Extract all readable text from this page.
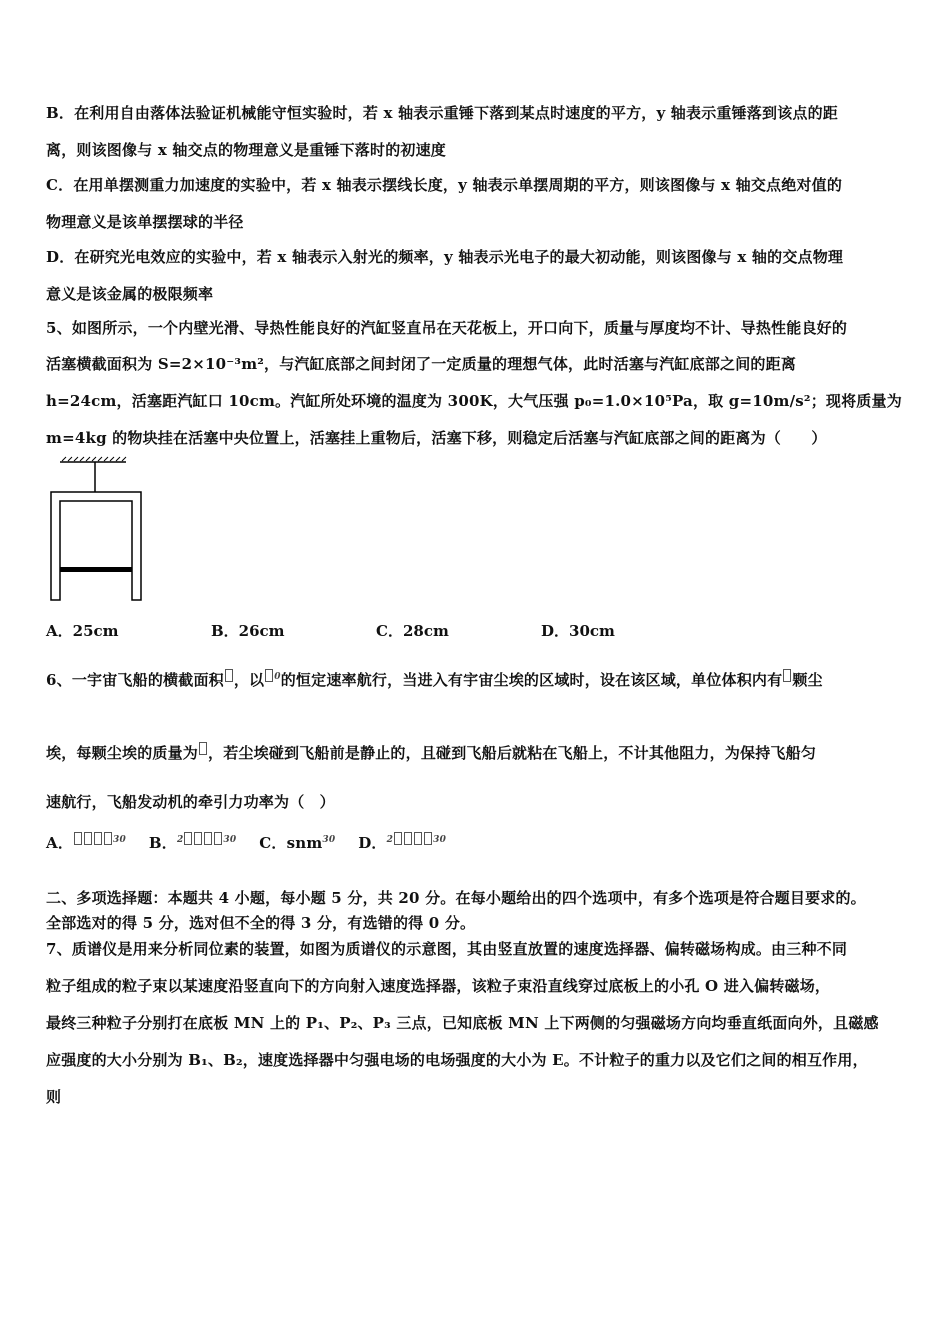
B．在利用自由落体法验证机械能守恒实验时，若 x 轴表示重锤下落到某点时速度的平方，y 轴表示重锤落到该点的距
离，则该图像与 x 轴交点的物理意义是重锤下落时的初速度
C．在用单摆测重力加速度的实验中，若 x 轴表示摆线长度，y 轴表示单摆周期的平方，则该图像与 x 轴交点绝对值的
物理意义是该单摆摆球的半径
D．在研究光电效应的实验中，若 x 轴表示入射光的频率，y 轴表示光电子的最大初动能，则该图像与 x 轴的交点物理
意义是该金属的极限频率
5、如图所示，一个内壁光滑、导热性能良好的汽缸竖直吊在天花板上，开口向下，质量与厚度均不计、导热性能良好的
活塞横截面积为 S=2×10⁻³m²，与汽缸底部之间封闭了一定质量的理想气体，此时活塞与汽缸底部之间的距离
h=24cm，活塞距汽缸口 10cm。汽缸所处环境的温度为 300K，大气压强 p₀=1.0×10⁵Pa，取 g=10m/s²；现将质量为
m=4kg 的物块挂在活塞中央位置上，活塞挂上重物后，活塞下移，则稳定后活塞与汽缸底部之间的距离为（　　）
A．25cm	B．26cm	C．28cm	D．30cm
6、一宇宙飞船的横截面积 ，以 $^0$的恒定速率航行，当进入有宇宙尘埃的区域时，设在该区域，单位体积内有 颗尘
埃，每颗尘埃的质量为 ，若尘埃碰到飞船前是静止的，且碰到飞船后就粘在飞船上，不计其他阻力，为保持飞船匀
速航行，飞船发动机的牵引力功率为（　）
A．	$^{30}$ B．$^2$	$^{30}$ C．snm$^{30}$ D．$^2$	$^{30}$
二、多项选择题：本题共 4 小题，每小题 5 分，共 20 分。在每小题给出的四个选项中，有多个选项是符合题目要求的。
全部选对的得 5 分，选对但不全的得 3 分，有选错的得 0 分。
7、质谱仪是用来分析同位素的装置，如图为质谱仪的示意图，其由竖直放置的速度选择器、偏转磁场构成。由三种不同
粒子组成的粒子束以某速度沿竖直向下的方向射入速度选择器，该粒子束沿直线穿过底板上的小孔 O 进入偏转磁场，
最终三种粒子分别打在底板 MN 上的 P₁、P₂、P₃ 三点，已知底板 MN 上下两侧的匀强磁场方向均垂直纸面向外，且磁感
应强度的大小分别为 B₁、B₂，速度选择器中匀强电场的电场强度的大小为 E。不计粒子的重力以及它们之间的相互作用，
则
